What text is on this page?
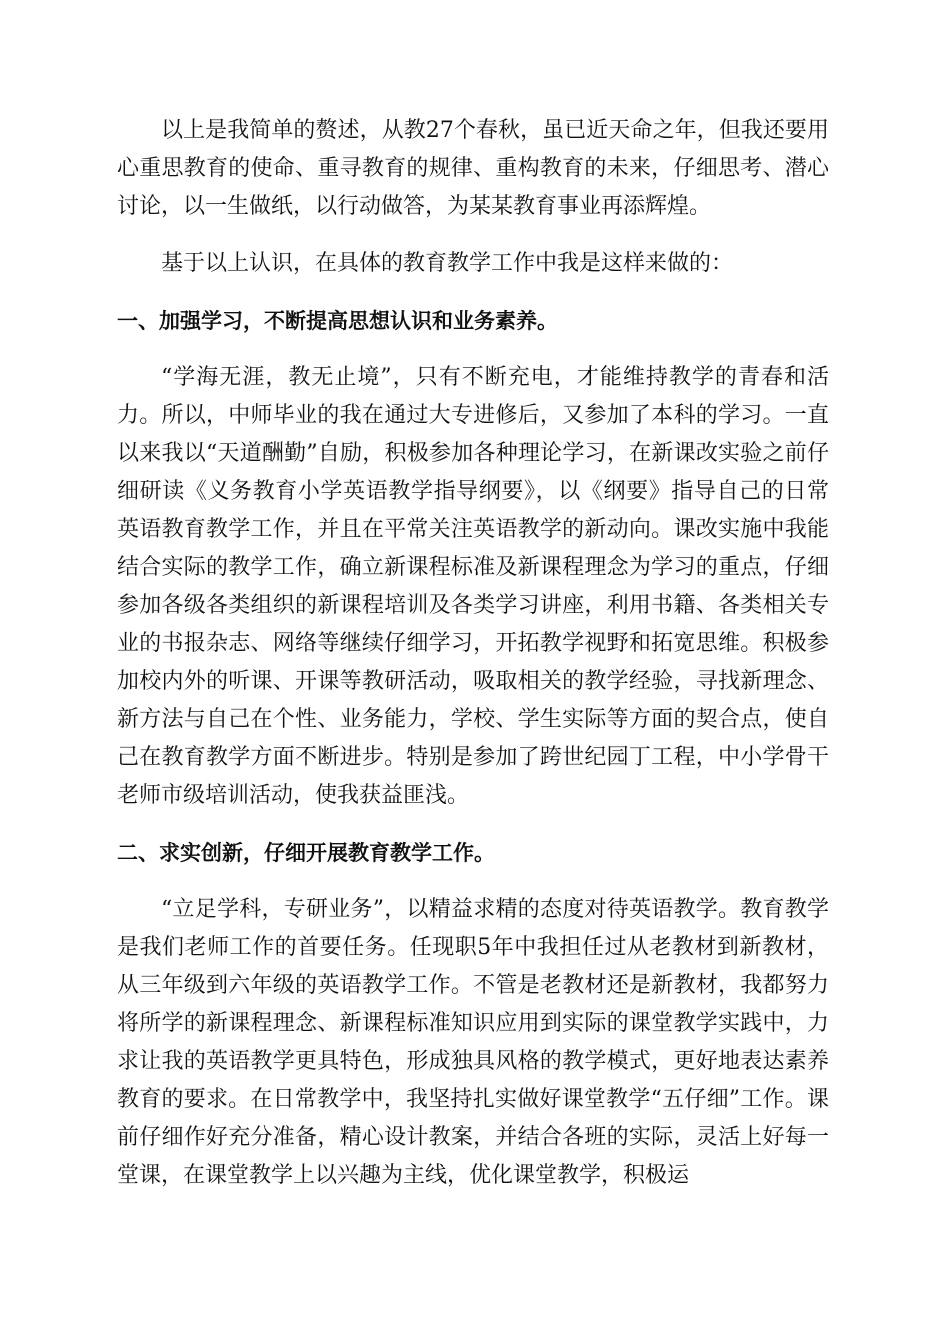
以上是我简单的赘述，从教27个春秋，虽已近天命之年，但我还要用心重思教育的使命、重寻教育的规律、重构教育的未来，仔细思考、潜心讨论，以一生做纸，以行动做答，为某某教育事业再添辉煌。

基于以上认识，在具体的教育教学工作中我是这样来做的：

一、加强学习，不断提高思想认识和业务素养。

“学海无涯，教无止境”，只有不断充电，才能维持教学的青春和活力。所以，中师毕业的我在通过大专进修后，又参加了本科的学习。一直以来我以“天道酬勤”自励，积极参加各种理论学习，在新课改实验之前仔细研读《义务教育小学英语教学指导纲要》，以《纲要》指导自己的日常英语教育教学工作，并且在平常关注英语教学的新动向。课改实施中我能结合实际的教学工作，确立新课程标准及新课程理念为学习的重点，仔细参加各级各类组织的新课程培训及各类学习讲座，利用书籍、各类相关专业的书报杂志、网络等继续仔细学习，开拓教学视野和拓宽思维。积极参加校内外的听课、开课等教研活动，吸取相关的教学经验，寻找新理念、新方法与自己在个性、业务能力，学校、学生实际等方面的契合点，使自己在教育教学方面不断进步。特别是参加了跨世纪园丁工程，中小学骨干老师市级培训活动，使我获益匪浅。

二、求实创新，仔细开展教育教学工作。

“立足学科，专研业务”，以精益求精的态度对待英语教学。教育教学是我们老师工作的首要任务。任现职5年中我担任过从老教材到新教材，从三年级到六年级的英语教学工作。不管是老教材还是新教材，我都努力将所学的新课程理念、新课程标准知识应用到实际的课堂教学实践中，力求让我的英语教学更具特色，形成独具风格的教学模式，更好地表达素养教育的要求。在日常教学中，我坚持扎实做好课堂教学“五仔细”工作。课前仔细作好充分准备，精心设计教案，并结合各班的实际，灵活上好每一堂课，在课堂教学上以兴趣为主线，优化课堂教学，积极运
